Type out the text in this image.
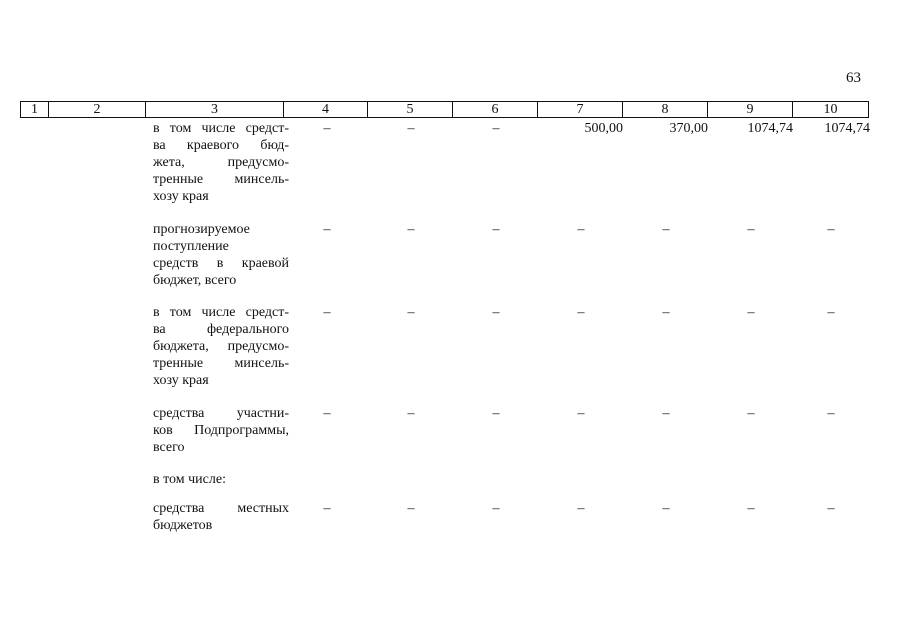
63
1	2	3	4	5	6	7	8	9	10
в том числе средст-
ва краевого бюд-
жета, предусмо-
тренные минсель-
хозу края
–	–	–	500,00	370,00	1074,74	1074,74
прогнозируемое
поступление
средств в краевой
бюджет, всего
–	–	–	–	–	–	–
в том числе средст-
ва федерального
бюджета, предусмо-
тренные минсель-
хозу края
–	–	–	–	–	–	–
средства участни-
ков Подпрограммы,
всего
–	–	–	–	–	–	–
в том числе:
средства местных
бюджетов
–	–	–	–	–	–	–
